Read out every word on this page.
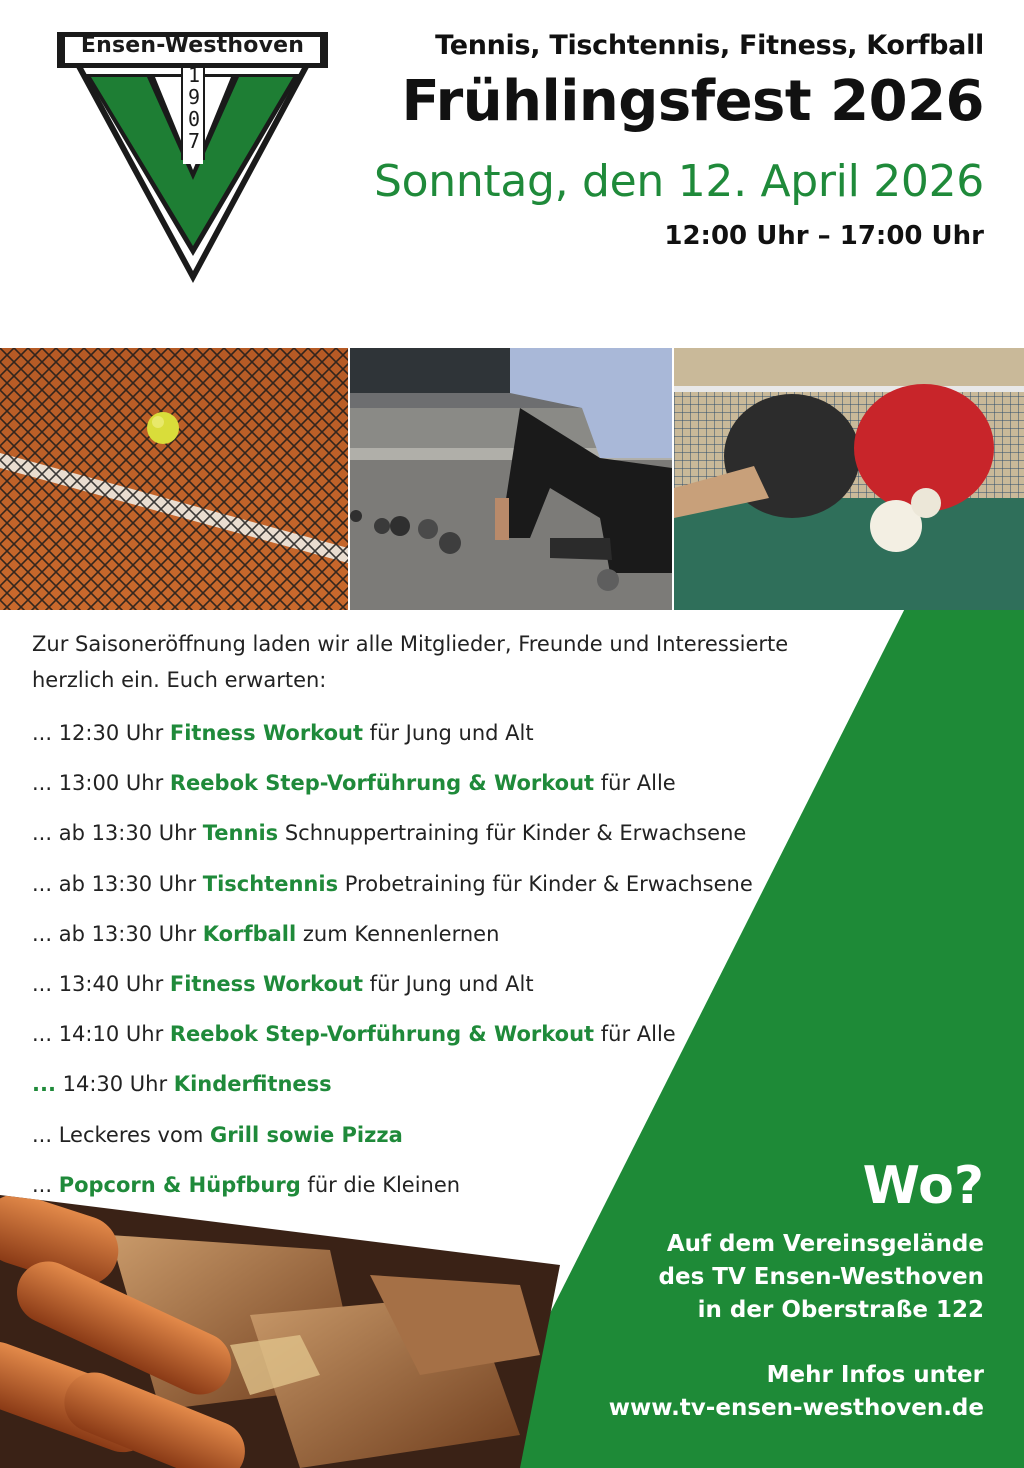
Ensen-Westhoven
1
9
0
7
Tennis, Tischtennis, Fitness, Korfball
Frühlingsfest 2026
Sonntag, den 12. April 2026
12:00 Uhr – 17:00 Uhr

Zur Saisoneröffnung laden wir alle Mitglieder, Freunde und Interessierte herzlich ein. Euch erwarten:

... 12:30 Uhr Fitness Workout für Jung und Alt
... 13:00 Uhr Reebok Step-Vorführung & Workout für Alle
... ab 13:30 Uhr Tennis Schnuppertraining für Kinder & Erwachsene
... ab 13:30 Uhr Tischtennis Probetraining für Kinder & Erwachsene
... ab 13:30 Uhr Korfball zum Kennenlernen
... 13:40 Uhr Fitness Workout für Jung und Alt
... 14:10 Uhr Reebok Step-Vorführung & Workout für Alle
... 14:30 Uhr Kinderfitness
... Leckeres vom Grill sowie Pizza
... Popcorn & Hüpfburg für die Kleinen	Wo?
Auf dem Vereinsgelände
des TV Ensen-Westhoven
in der Oberstraße 122
Mehr Infos unter
www.tv-ensen-westhoven.de
